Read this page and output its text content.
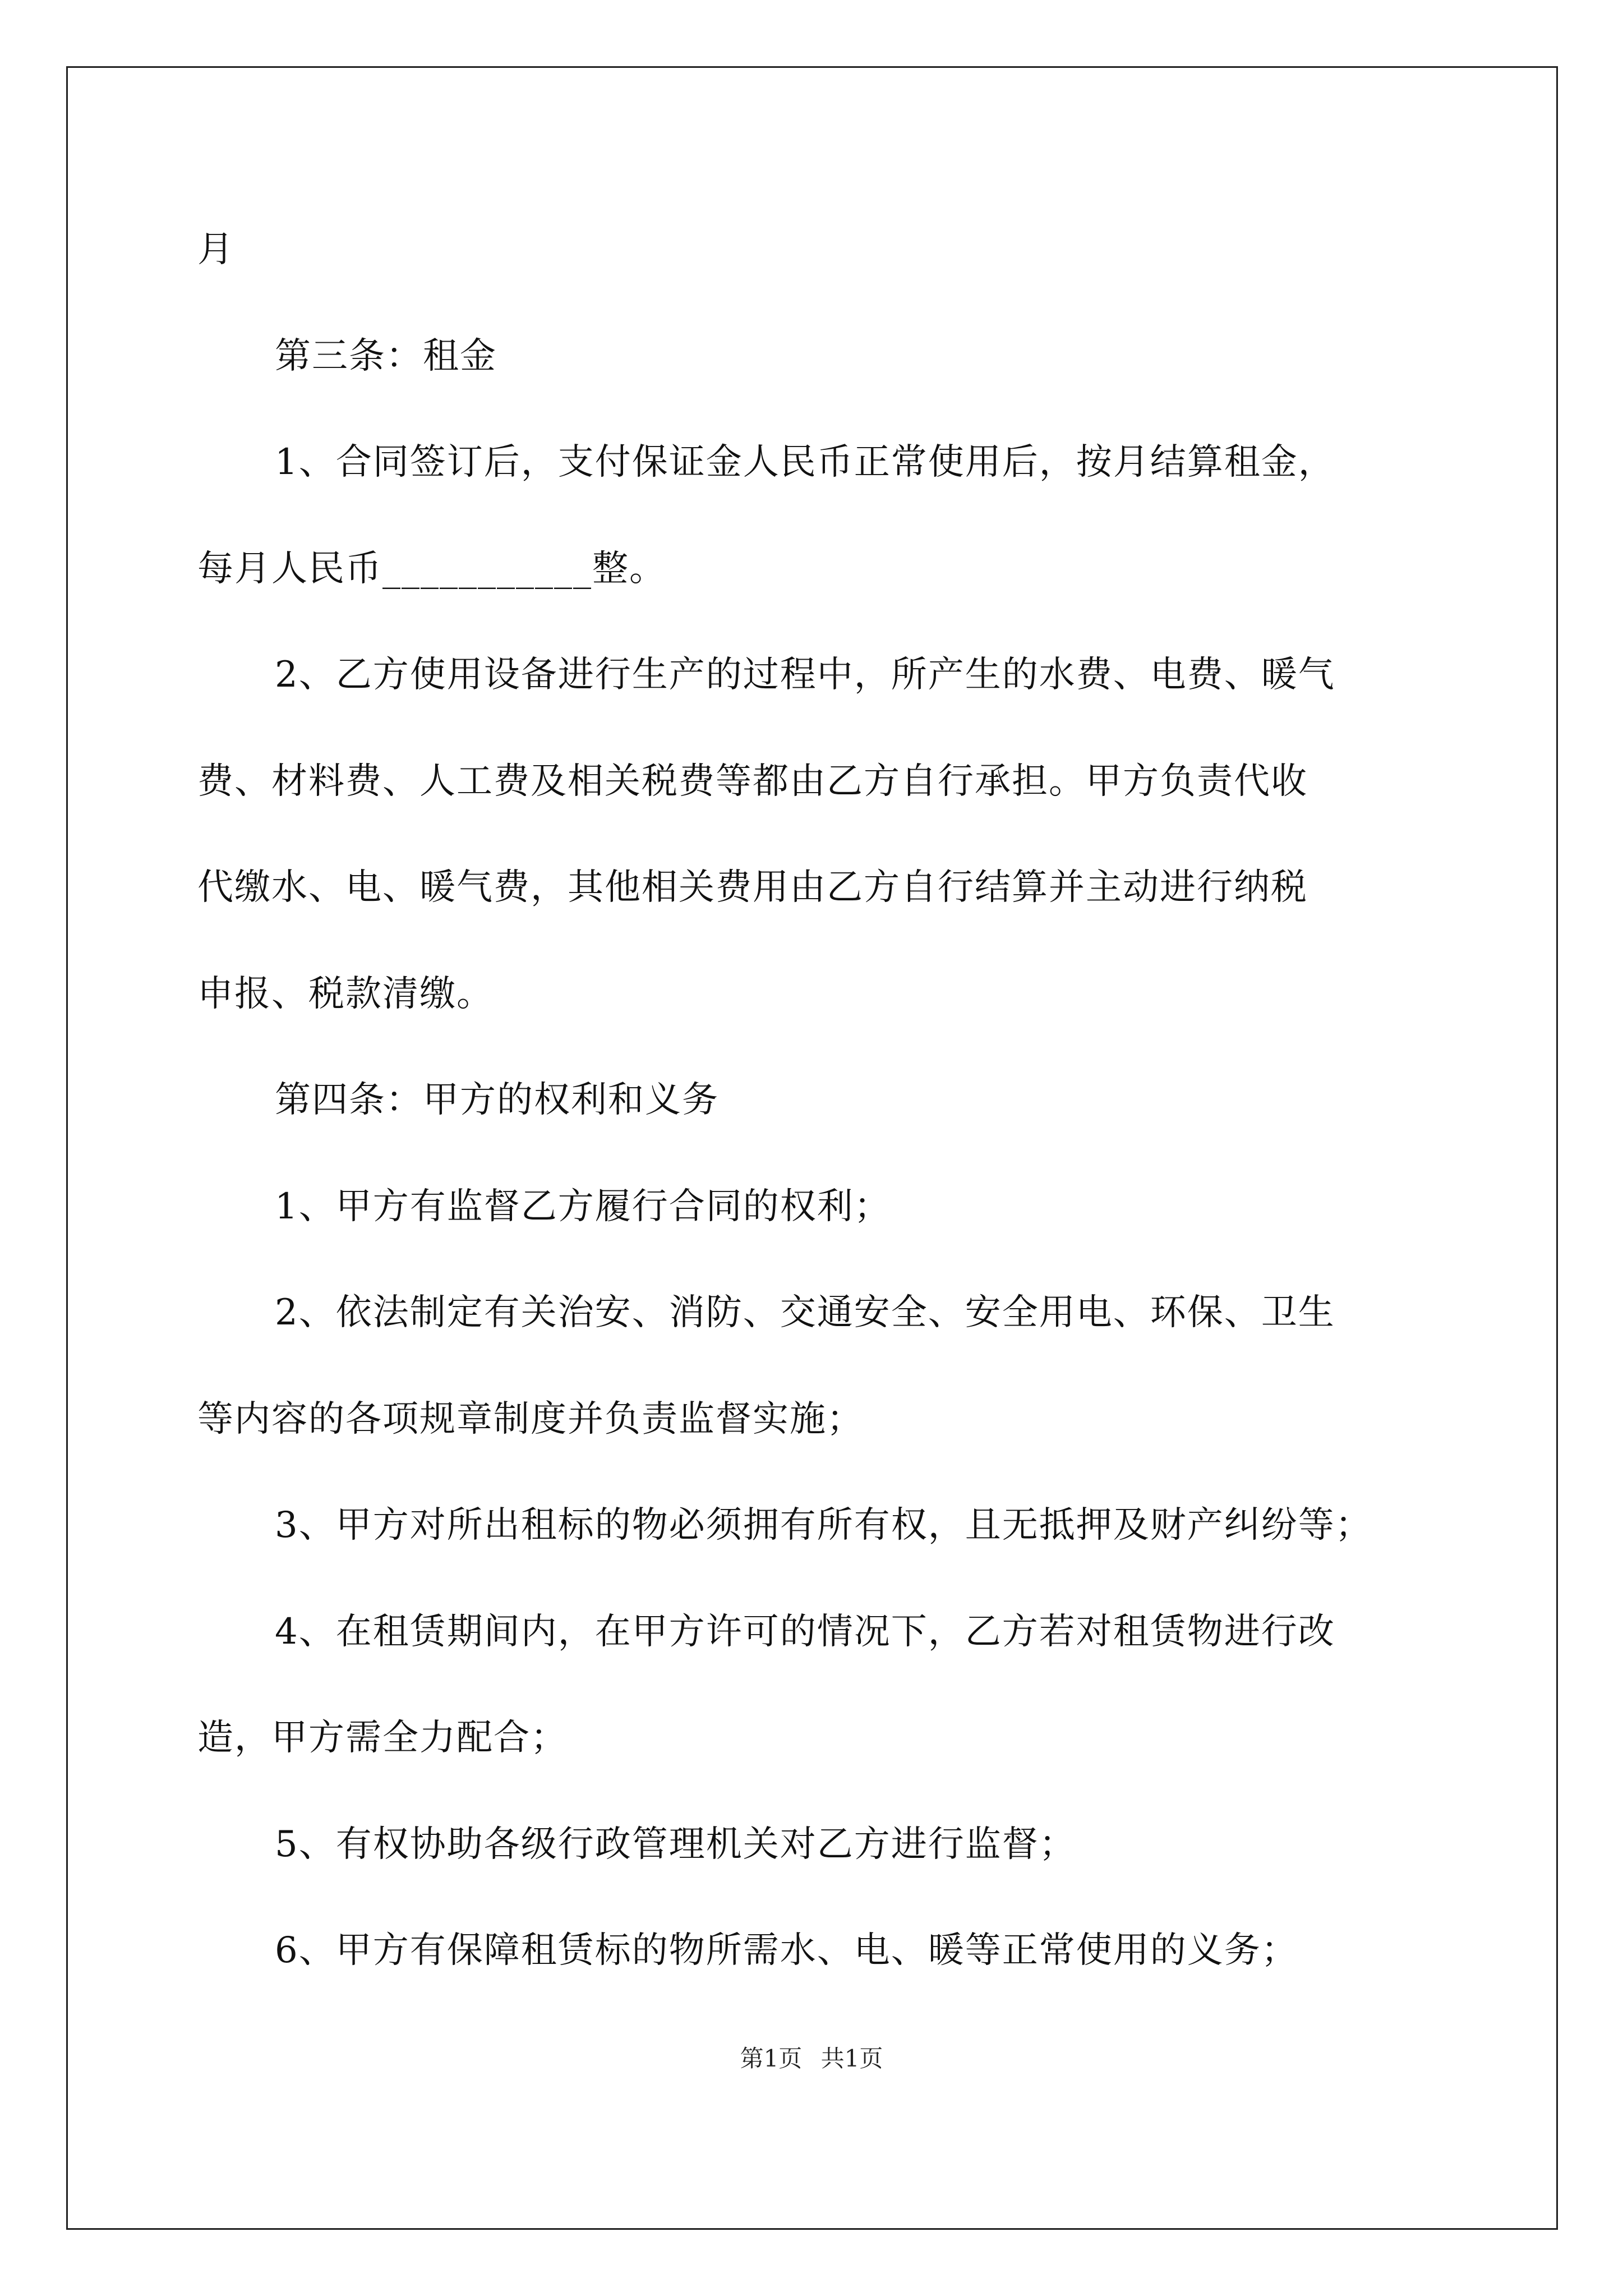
月
第三条：租金
1、合同签订后，支付保证金人民币正常使用后，按月结算租金，
每月人民币___________整。
2、乙方使用设备进行生产的过程中，所产生的水费、电费、暖气
费、材料费、人工费及相关税费等都由乙方自行承担。甲方负责代收
代缴水、电、暖气费，其他相关费用由乙方自行结算并主动进行纳税
申报、税款清缴。
第四条：甲方的权利和义务
1、甲方有监督乙方履行合同的权利；
2、依法制定有关治安、消防、交通安全、安全用电、环保、卫生
等内容的各项规章制度并负责监督实施；
3、甲方对所出租标的物必须拥有所有权，且无抵押及财产纠纷等；
4、在租赁期间内，在甲方许可的情况下，乙方若对租赁物进行改
造，甲方需全力配合；
5、有权协助各级行政管理机关对乙方进行监督；
6、甲方有保障租赁标的物所需水、电、暖等正常使用的义务；
第1页 共1页
